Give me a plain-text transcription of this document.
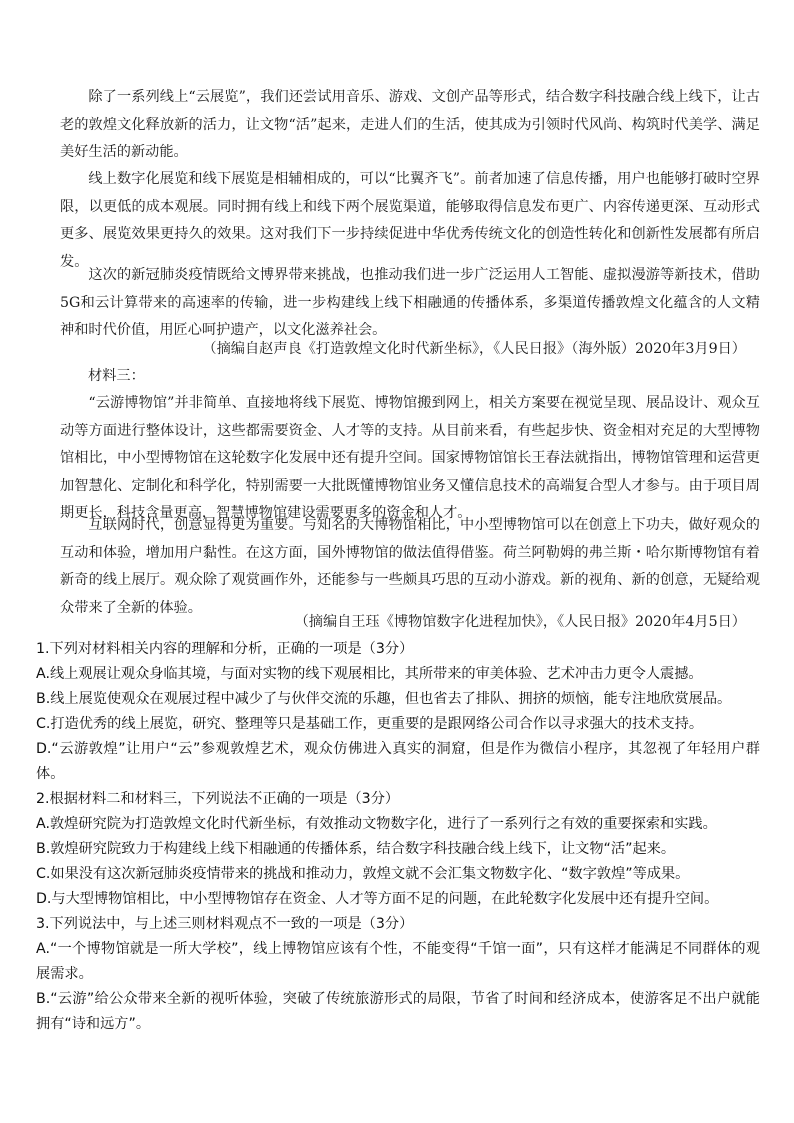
除了一系列线上“云展览”，我们还尝试用音乐、游戏、文创产品等形式，结合数字科技融合线上线下，让古老的敦煌文化释放新的活力，让文物“活”起来，走进人们的生活，使其成为引领时代风尚、构筑时代美学、满足美好生活的新动能。

线上数字化展览和线下展览是相辅相成的，可以“比翼齐飞”。前者加速了信息传播，用户也能够打破时空界限，以更低的成本观展。同时拥有线上和线下两个展览渠道，能够取得信息发布更广、内容传递更深、互动形式更多、展览效果更持久的效果。这对我们下一步持续促进中华优秀传统文化的创造性转化和创新性发展都有所启发。

这次的新冠肺炎疫情既给文博界带来挑战，也推动我们进一步广泛运用人工智能、虚拟漫游等新技术，借助5G和云计算带来的高速率的传输，进一步构建线上线下相融通的传播体系，多渠道传播敦煌文化蕴含的人文精神和时代价值，用匠心呵护遗产，以文化滋养社会。

（摘编自赵声良《打造敦煌文化时代新坐标》，《人民日报》（海外版）2020年3月9日）
材料三：

“云游博物馆”并非简单、直接地将线下展览、博物馆搬到网上，相关方案要在视觉呈现、展品设计、观众互动等方面进行整体设计，这些都需要资金、人才等的支持。从目前来看，有些起步快、资金相对充足的大型博物馆相比，中小型博物馆在这轮数字化发展中还有提升空间。国家博物馆馆长王春法就指出，博物馆管理和运营更加智慧化、定制化和科学化，特别需要一大批既懂博物馆业务又懂信息技术的高端复合型人才参与。由于项目周期更长，科技含量更高，智慧博物馆建设需要更多的资金和人才。

互联网时代，创意显得更为重要。与知名的大博物馆相比，中小型博物馆可以在创意上下功夫，做好观众的互动和体验，增加用户黏性。在这方面，国外博物馆的做法值得借鉴。荷兰阿勒姆的弗兰斯・哈尔斯博物馆有着新奇的线上展厅。观众除了观赏画作外，还能参与一些颇具巧思的互动小游戏。新的视角、新的创意，无疑给观众带来了全新的体验。

（摘编自王珏《博物馆数字化进程加快》，《人民日报》2020年4月5日）

1.下列对材料相关内容的理解和分析，正确的一项是（3分）

A.线上观展让观众身临其境，与面对实物的线下观展相比，其所带来的审美体验、艺术冲击力更令人震撼。

B.线上展览使观众在观展过程中减少了与伙伴交流的乐趣，但也省去了排队、拥挤的烦恼，能专注地欣赏展品。

C.打造优秀的线上展览，研究、整理等只是基础工作，更重要的是跟网络公司合作以寻求强大的技术支持。

D.“云游敦煌”让用户“云”参观敦煌艺术，观众仿佛进入真实的洞窟，但是作为微信小程序，其忽视了年轻用户群体。

2.根据材料二和材料三，下列说法不正确的一项是（3分）

A.敦煌研究院为打造敦煌文化时代新坐标，有效推动文物数字化，进行了一系列行之有效的重要探索和实践。

B.敦煌研究院致力于构建线上线下相融通的传播体系，结合数字科技融合线上线下，让文物“活”起来。

C.如果没有这次新冠肺炎疫情带来的挑战和推动力，敦煌文就不会汇集文物数字化、“数字敦煌”等成果。

D.与大型博物馆相比，中小型博物馆存在资金、人才等方面不足的问题，在此轮数字化发展中还有提升空间。

3.下列说法中，与上述三则材料观点不一致的一项是（3分）

A.“一个博物馆就是一所大学校”，线上博物馆应该有个性，不能变得“千馆一面”，只有这样才能满足不同群体的观展需求。

B.“云游”给公众带来全新的视听体验，突破了传统旅游形式的局限，节省了时间和经济成本，使游客足不出户就能拥有“诗和远方”。
